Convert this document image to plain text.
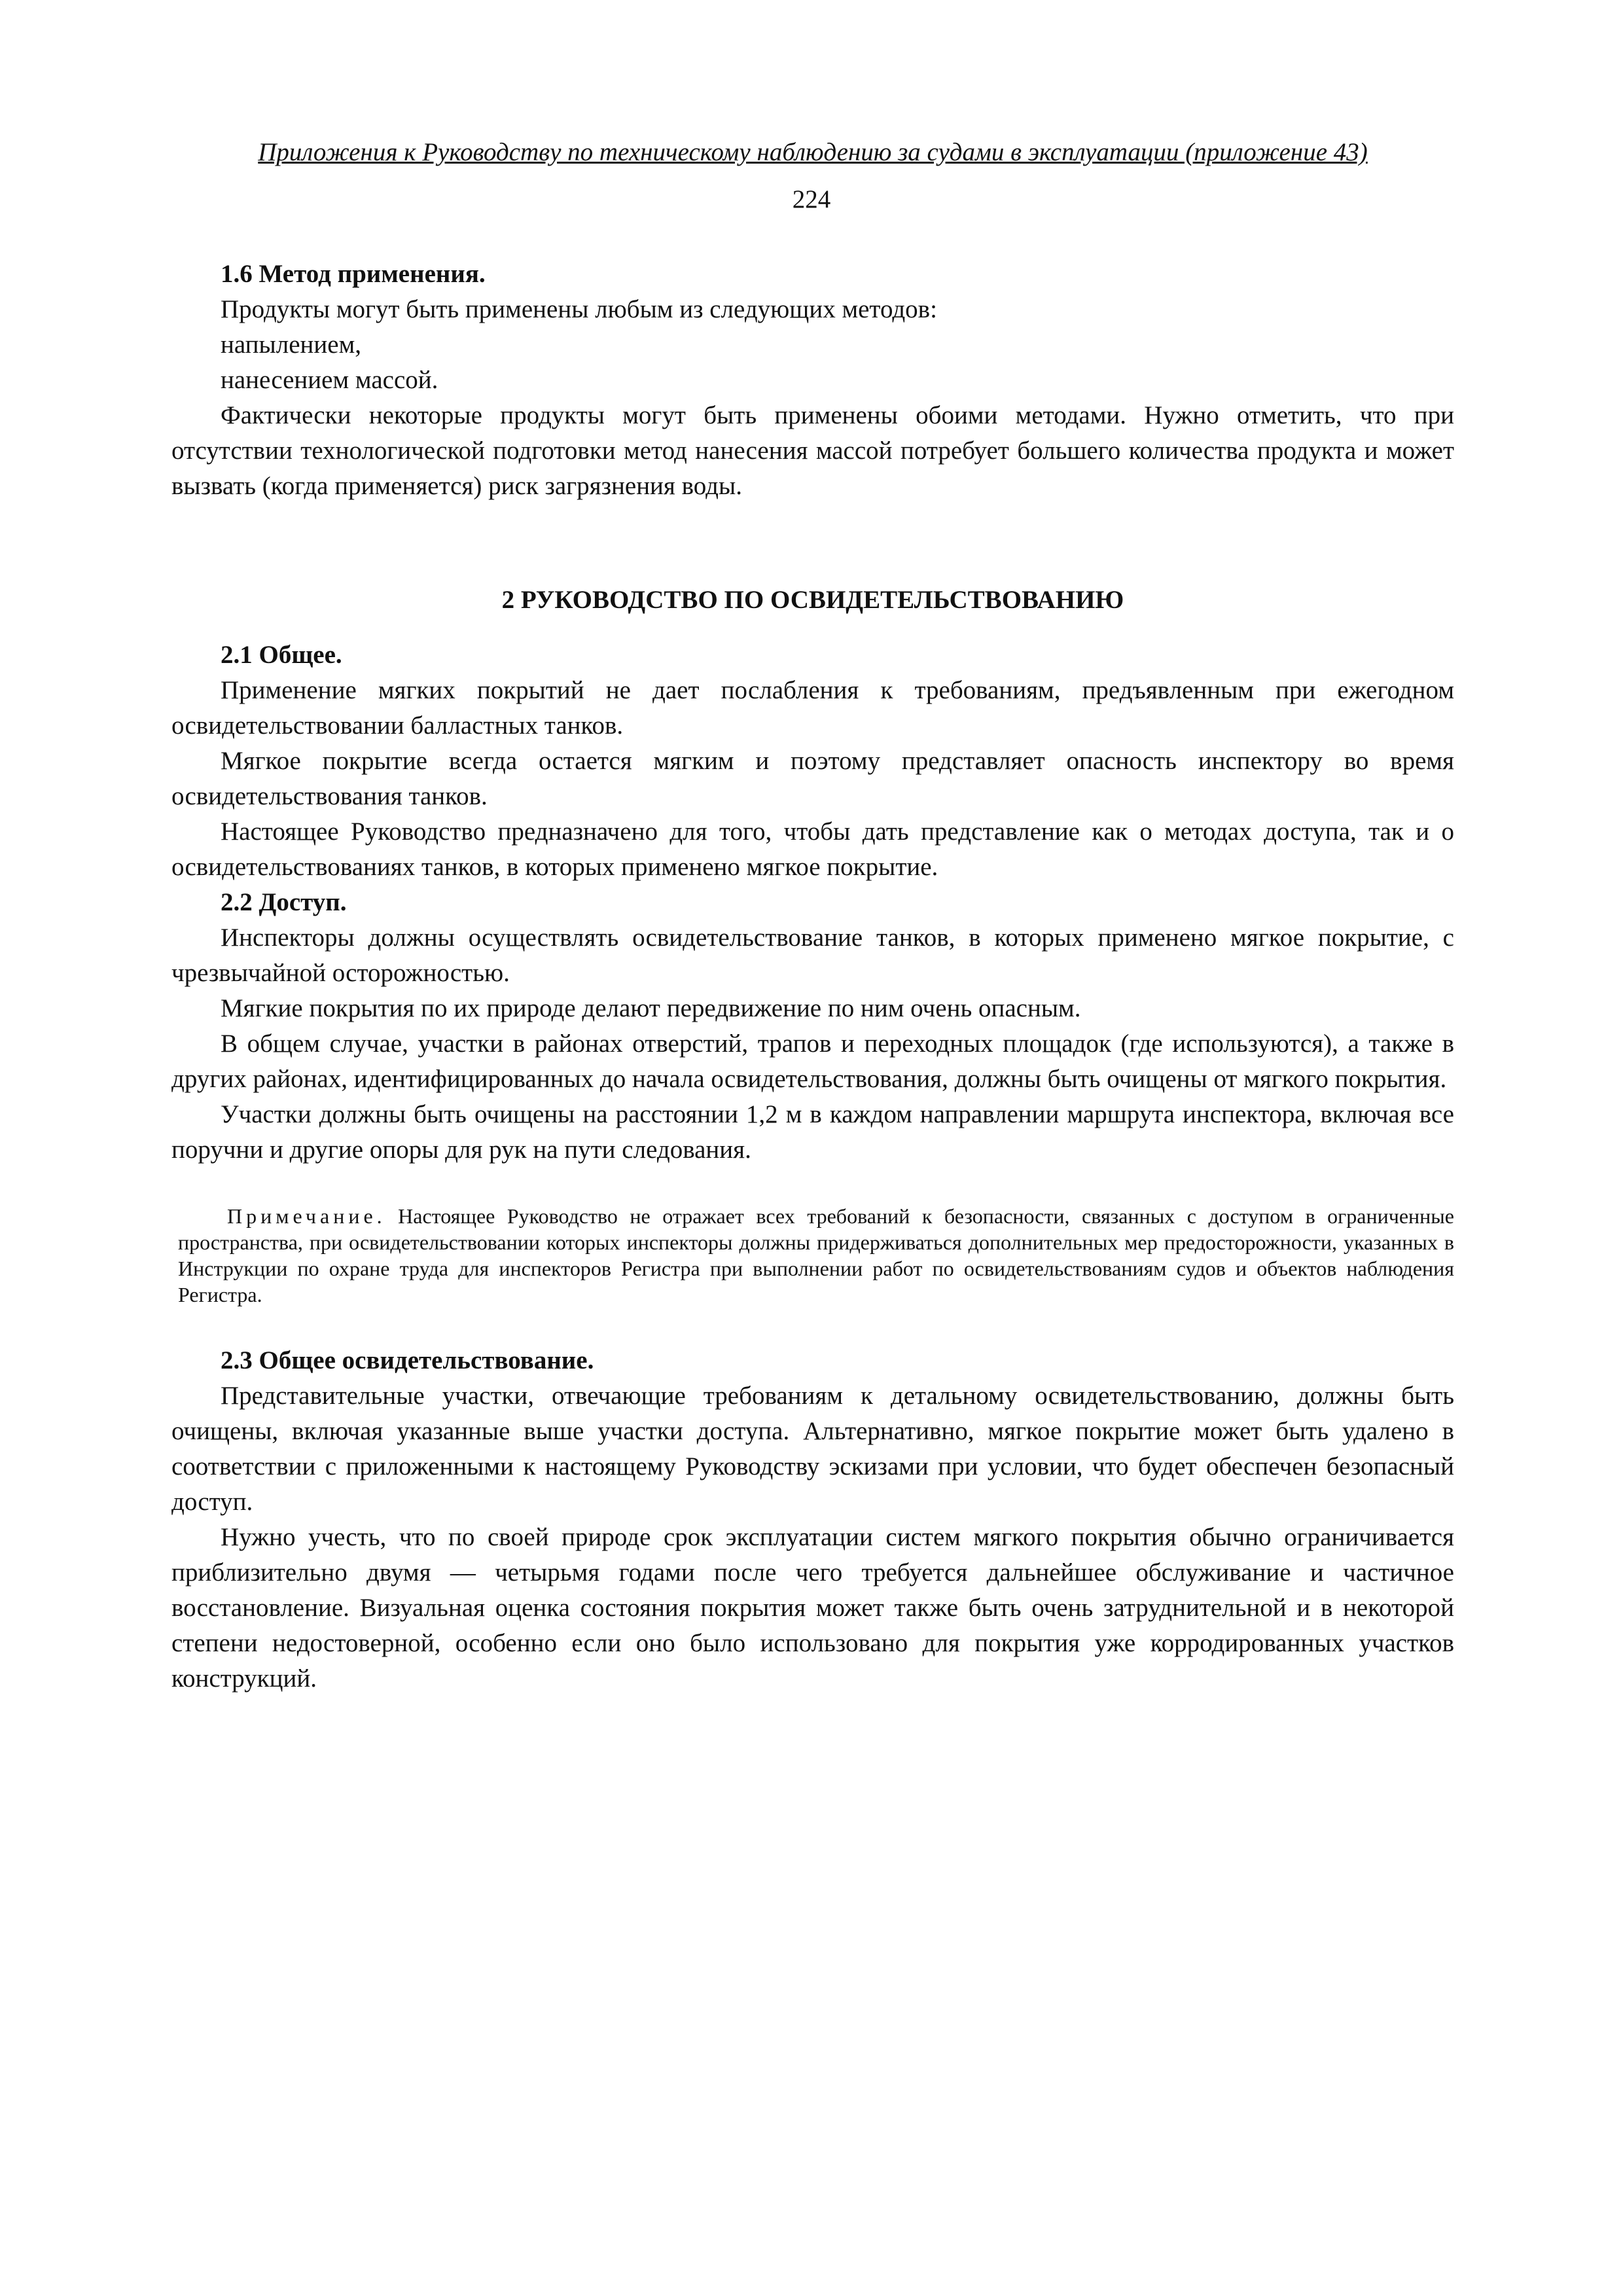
Приложения к Руководству по техническому наблюдению за судами в эксплуатации (приложение 43)
224
1.6 Метод применения.

Продукты могут быть применены любым из следующих методов:

напылением,

нанесением массой.

Фактически некоторые продукты могут быть применены обоими методами. Нужно отметить, что при отсутствии технологической подготовки метод нанесения массой потребует большего количества продукта и может вызвать (когда применяется) риск загрязнения воды.

2 РУКОВОДСТВО ПО ОСВИДЕТЕЛЬСТВОВАНИЮ
2.1 Общее.

Применение мягких покрытий не дает послабления к требованиям, предъявленным при ежегодном освидетельствовании балластных танков.

Мягкое покрытие всегда остается мягким и поэтому представляет опасность инспектору во время освидетельствования танков.

Настоящее Руководство предназначено для того, чтобы дать представление как о методах доступа, так и о освидетельствованиях танков, в которых применено мягкое покрытие.

2.2 Доступ.

Инспекторы должны осуществлять освидетельствование танков, в которых применено мягкое покрытие, с чрезвычайной осторожностью.

Мягкие покрытия по их природе делают передвижение по ним очень опасным.

В общем случае, участки в районах отверстий, трапов и переходных площадок (где используются), а также в других районах, идентифицированных до начала освидетельствования, должны быть очищены от мягкого покрытия.

Участки должны быть очищены на расстоянии 1,2 м в каждом направлении маршрута инспектора, включая все поручни и другие опоры для рук на пути следования.

Примечание. Настоящее Руководство не отражает всех требований к безопасности, связанных с доступом в ограниченные пространства, при освидетельствовании которых инспекторы должны придерживаться дополнительных мер предосторожности, указанных в Инструкции по охране труда для инспекторов Регистра при выполнении работ по освидетельствованиям судов и объектов наблюдения Регистра.

2.3 Общее освидетельствование.

Представительные участки, отвечающие требованиям к детальному освидетельствованию, должны быть очищены, включая указанные выше участки доступа. Альтернативно, мягкое покрытие может быть удалено в соответствии с приложенными к настоящему Руководству эскизами при условии, что будет обеспечен безопасный доступ.

Нужно учесть, что по своей природе срок эксплуатации систем мягкого покрытия обычно ограничивается приблизительно двумя — четырьмя годами после чего требуется дальнейшее обслуживание и частичное восстановление. Визуальная оценка состояния покрытия может также быть очень затруднительной и в некоторой степени недостоверной, особенно если оно было использовано для покрытия уже корродированных участков конструкций.
